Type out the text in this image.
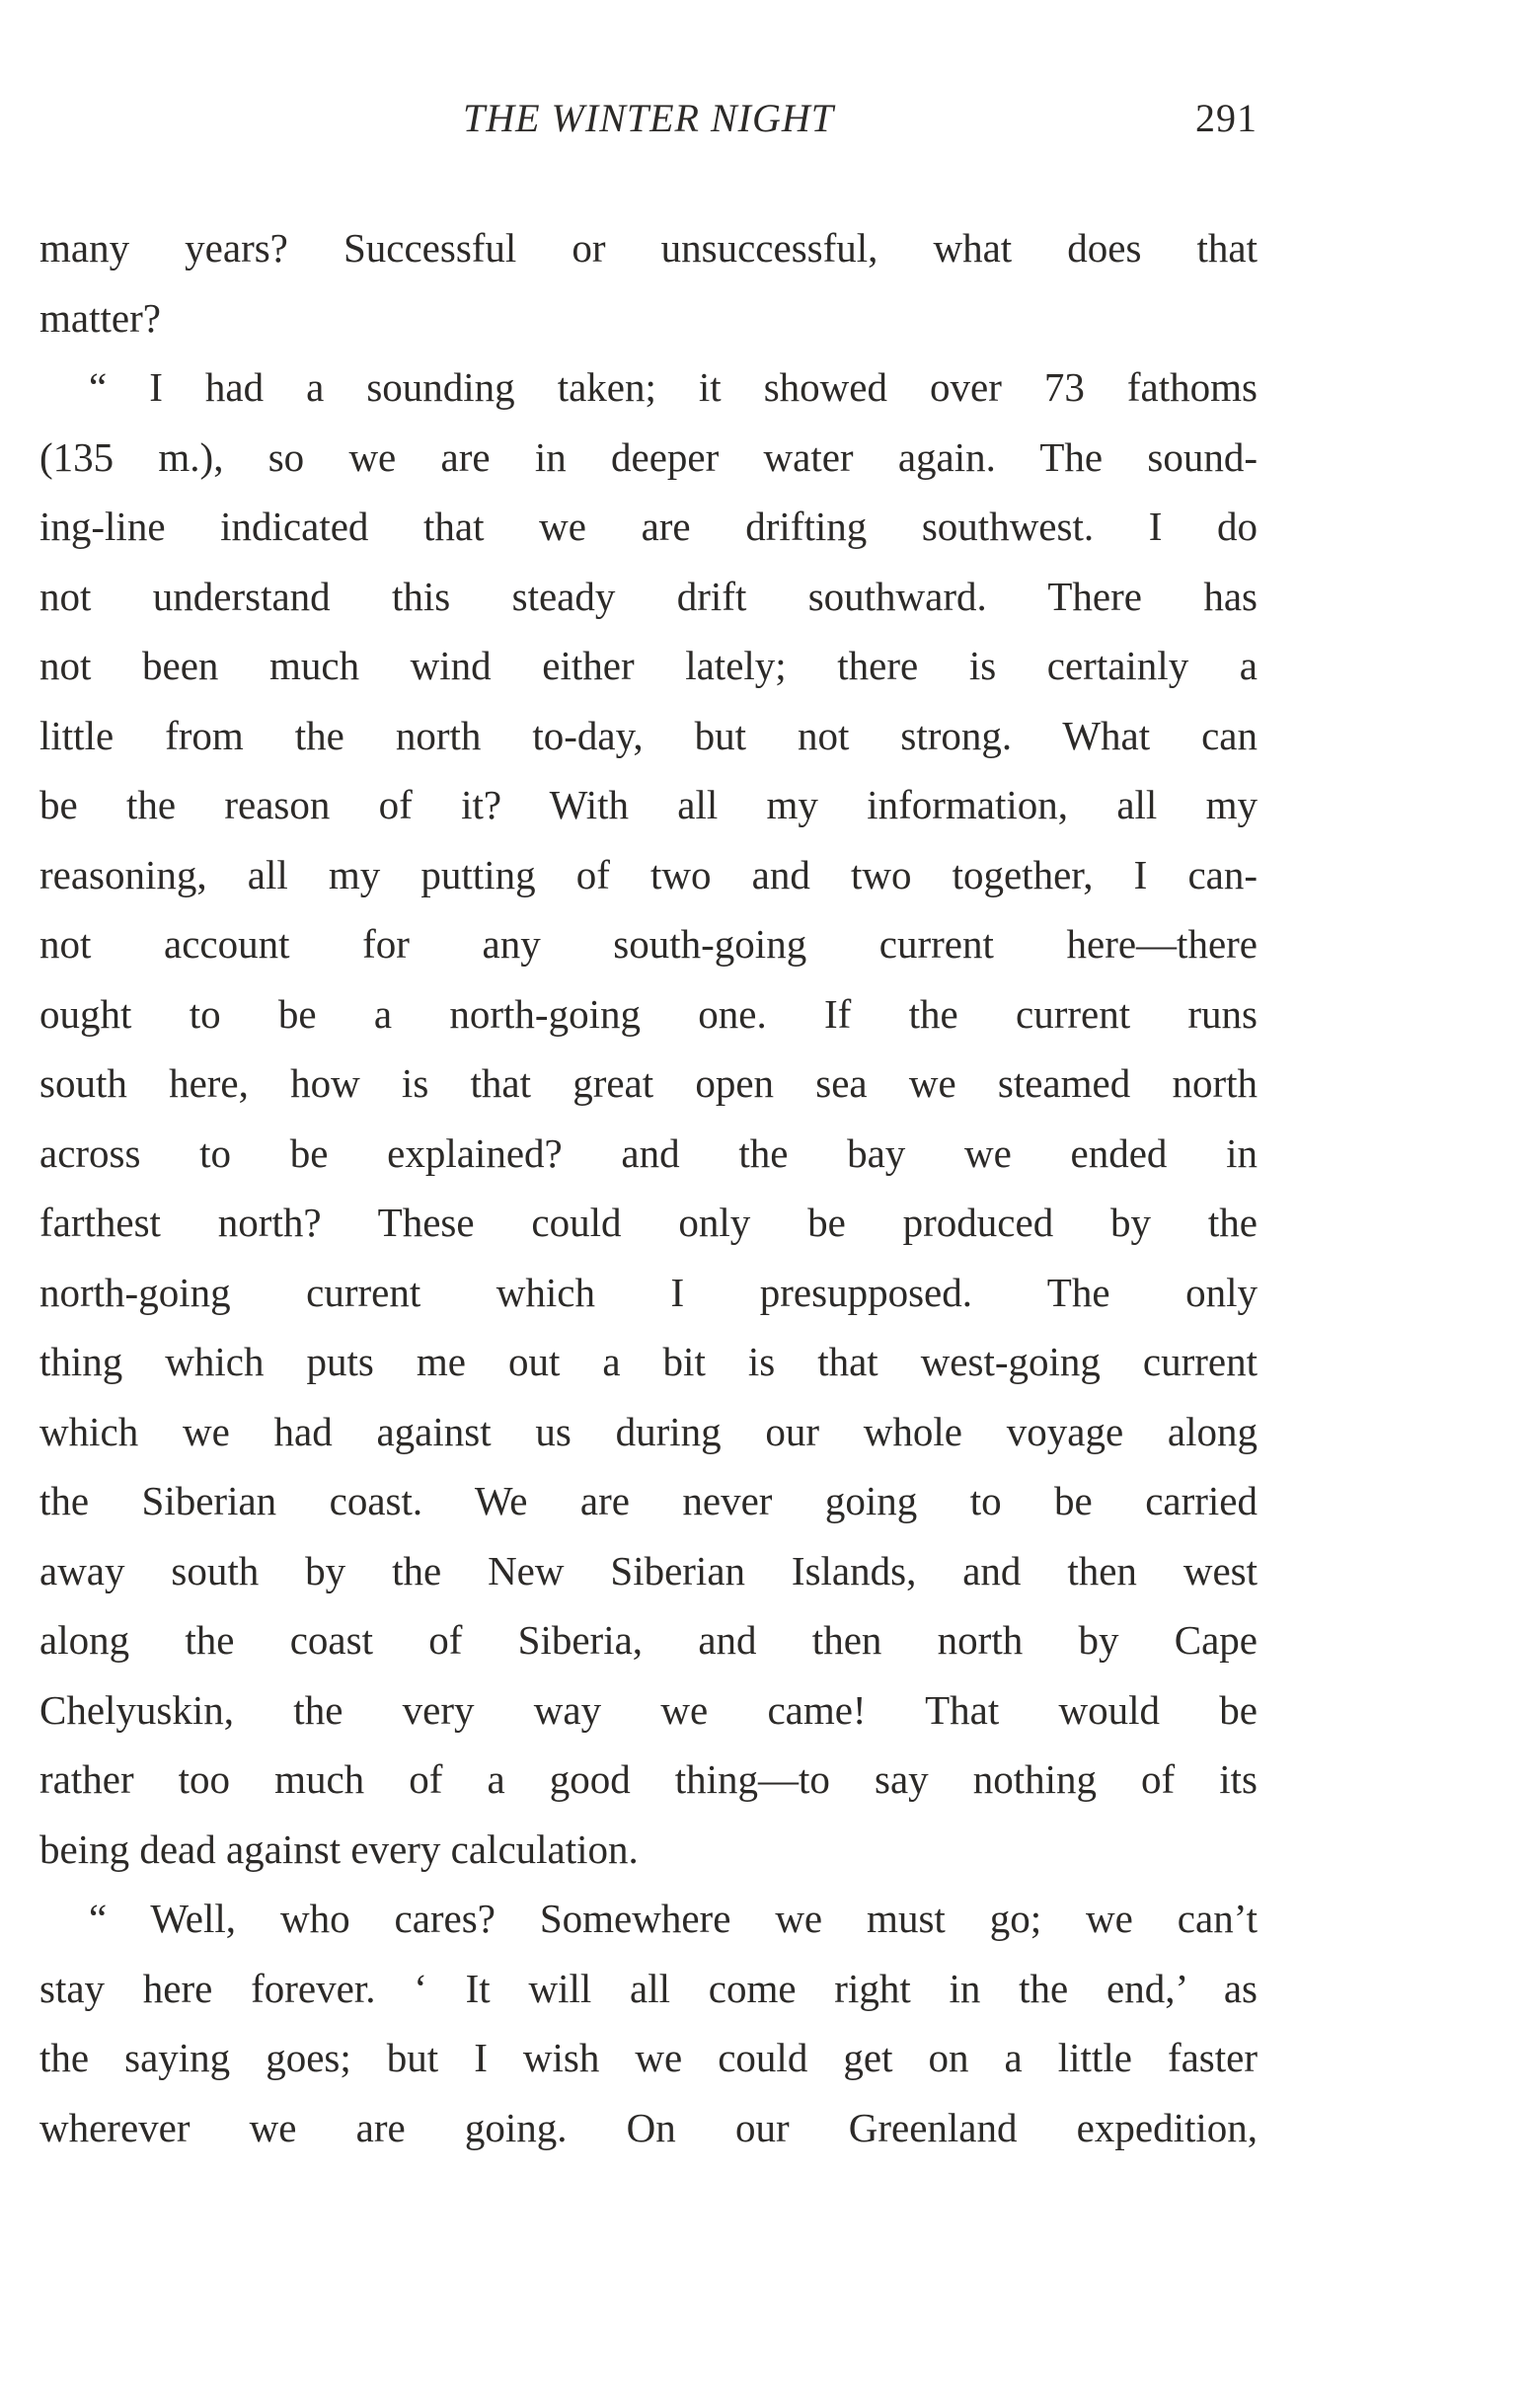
THE WINTER NIGHT	291
many years? Successful or unsuccessful, what does that
matter?
“ I had a sounding taken; it showed over 73 fathoms
(135 m.), so we are in deeper water again. The sound-
ing-line indicated that we are drifting southwest. I do
not understand this steady drift southward. There has
not been much wind either lately; there is certainly a
little from the north to-day, but not strong. What can
be the reason of it? With all my information, all my
reasoning, all my putting of two and two together, I can-
not account for any south-going current here—there
ought to be a north-going one. If the current runs
south here, how is that great open sea we steamed north
across to be explained? and the bay we ended in
farthest north? These could only be produced by the
north-going current which I presupposed. The only
thing which puts me out a bit is that west-going current
which we had against us during our whole voyage along
the Siberian coast. We are never going to be carried
away south by the New Siberian Islands, and then west
along the coast of Siberia, and then north by Cape
Chelyuskin, the very way we came! That would be
rather too much of a good thing—to say nothing of its
being dead against every calculation.
“ Well, who cares? Somewhere we must go; we can’t
stay here forever. ‘ It will all come right in the end,’ as
the saying goes; but I wish we could get on a little faster
wherever we are going. On our Greenland expedition,
